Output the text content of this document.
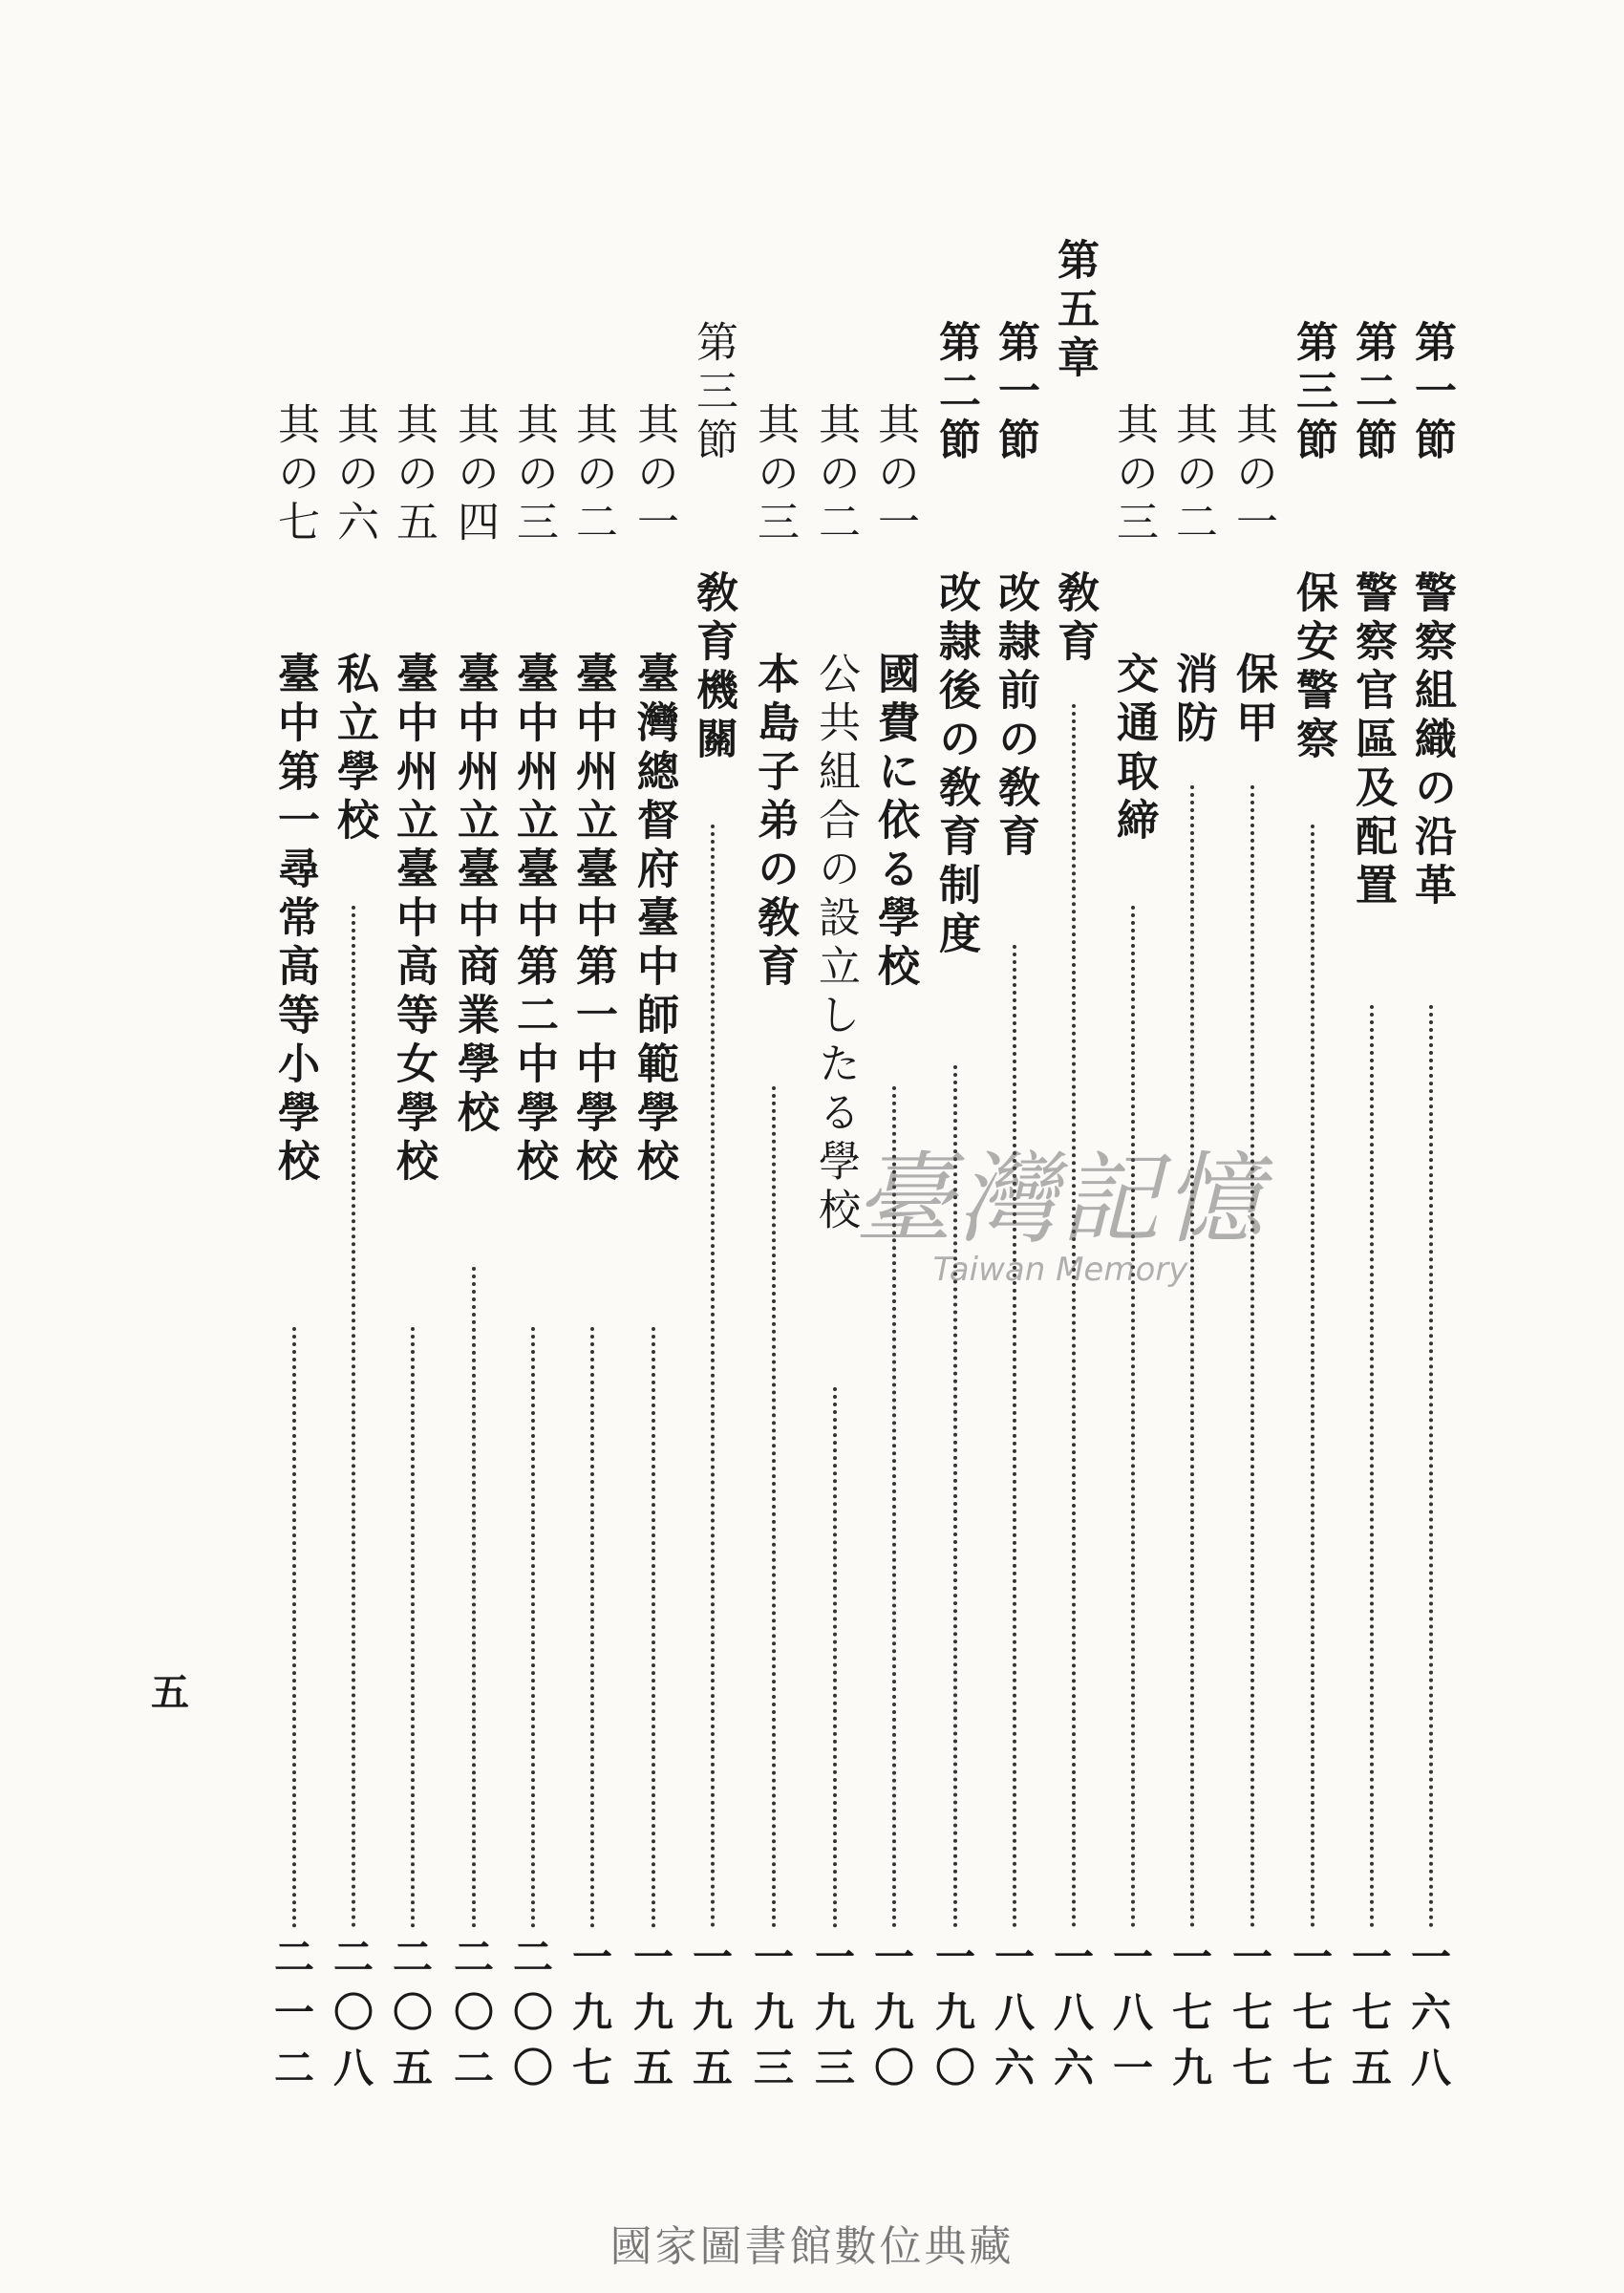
第一節
警察組織の沿革
一
六
八
第二節
警察官區及配置
一
七
五
第三節
保安警察
一
七
七
其の一
保甲
一
七
七
其の二
消防
一
七
九
其の三
交通取締
一
八
一
第五章
敎育
一
八
六
第一節
改隷前の敎育
一
八
六
第二節
改隷後の敎育制度
一
九
〇
其の一
國費に依る學校
一
九
〇
其の二
公共組合の設立したる學校
一
九
三
其の三
本島子弟の敎育
一
九
三
第三節
敎育機關
一
九
五
其の一
臺灣總督府臺中師範學校
一
九
五
其の二
臺中州立臺中第一中學校
一
九
七
其の三
臺中州立臺中第二中學校
二
〇
〇
其の四
臺中州立臺中商業學校
二
〇
二
其の五
臺中州立臺中高等女學校
二
〇
五
其の六
私立學校
二
〇
八
其の七
臺中第一尋常高等小學校
二
一
二
五
臺灣記憶
Taiwan Memory
國家圖書館數位典藏
